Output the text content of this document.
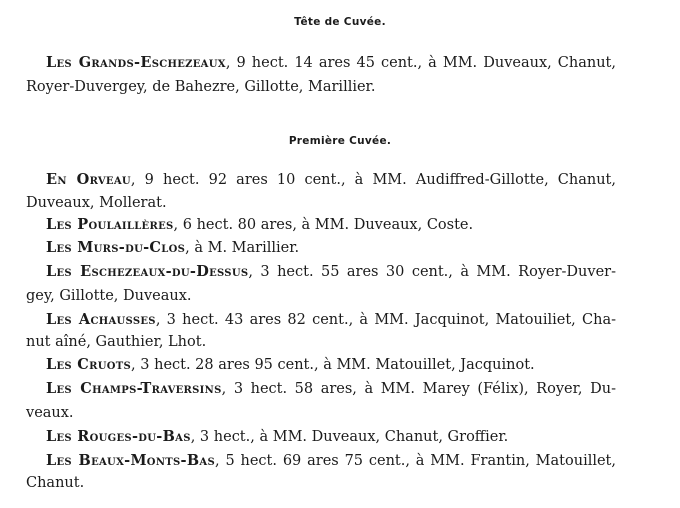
Tête de Cuvée.
Les Grands-Eschezeaux, 9 hect. 14 ares 45 cent., à MM. Duveaux, Chanut,
Royer-Duvergey, de Bahezre, Gillotte, Marillier.
Première Cuvée.
En Orveau, 9 hect. 92 ares 10 cent., à MM. Audiffred-Gillotte, Chanut,
Duveaux, Mollerat.
Les Poulaillères, 6 hect. 80 ares, à MM. Duveaux, Coste.
Les Murs-du-Clos, à M. Marillier.
Les Eschezeaux-du-Dessus, 3 hect. 55 ares 30 cent., à MM. Royer-Duver-
gey, Gillotte, Duveaux.
Les Achausses, 3 hect. 43 ares 82 cent., à MM. Jacquinot, Matouiliet, Cha-
nut aîné, Gauthier, Lhot.
Les Cruots, 3 hect. 28 ares 95 cent., à MM. Matouillet, Jacquinot.
Les Champs-Traversins, 3 hect. 58 ares, à MM. Marey (Félix), Royer, Du-
veaux.
Les Rouges-du-Bas, 3 hect., à MM. Duveaux, Chanut, Groffier.
Les Beaux-Monts-Bas, 5 hect. 69 ares 75 cent., à MM. Frantin, Matouillet,
Chanut.
